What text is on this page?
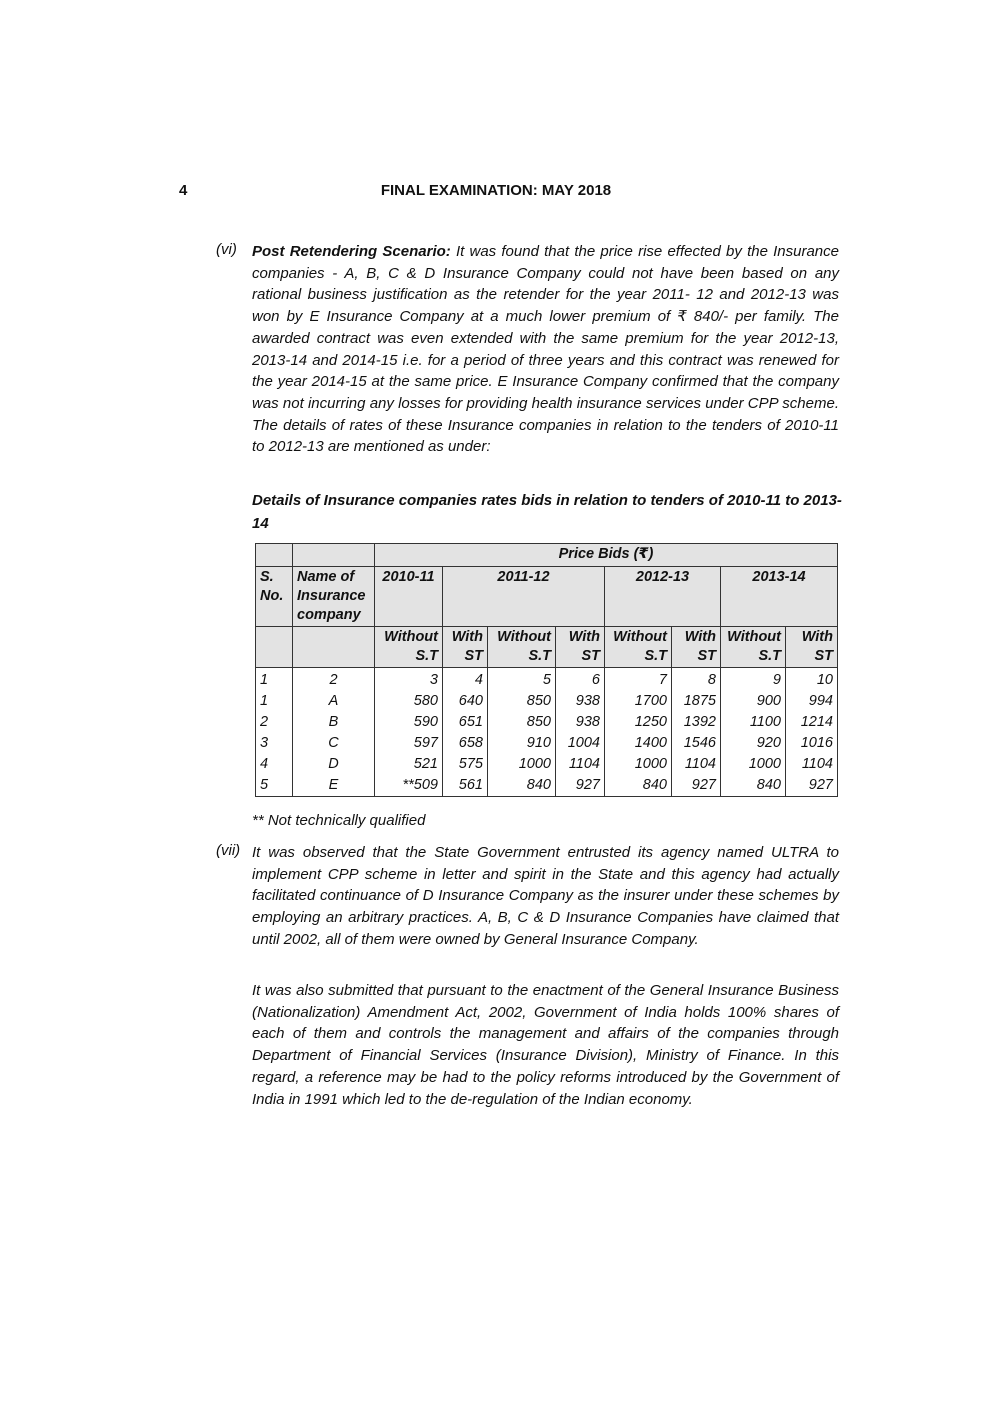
4	FINAL EXAMINATION: MAY 2018
(vi) Post Retendering Scenario: It was found that the price rise effected by the Insurance companies - A, B, C & D Insurance Company could not have been based on any rational business justification as the retender for the year 2011- 12 and 2012-13 was won by E Insurance Company at a much lower premium of ₹ 840/- per family. The awarded contract was even extended with the same premium for the year 2012-13, 2013-14 and 2014-15 i.e. for a period of three years and this contract was renewed for the year 2014-15 at the same price. E Insurance Company confirmed that the company was not incurring any losses for providing health insurance services under CPP scheme. The details of rates of these Insurance companies in relation to the tenders of 2010-11 to 2012-13 are mentioned as under:

Details of Insurance companies rates bids in relation to tenders of 2010-11 to 2013-14

		Price Bids (₹)							
S. No.	Name of Insurance company	2010-11	2011-12			2012-13		2013-14	
		Without S.T	With ST	Without S.T	With ST	Without S.T	With ST	Without S.T	With ST
1	2	3	4	5	6	7	8	9	10
1	A	580	640	850	938	1700	1875	900	994
2	B	590	651	850	938	1250	1392	1100	1214
3	C	597	658	910	1004	1400	1546	920	1016
4	D	521	575	1000	1104	1000	1104	1000	1104
5	E	**509	561	840	927	840	927	840	927
** Not technically qualified
(vii) It was observed that the State Government entrusted its agency named ULTRA to implement CPP scheme in letter and spirit in the State and this agency had actually facilitated continuance of D Insurance Company as the insurer under these schemes by employing an arbitrary practices. A, B, C & D Insurance Companies have claimed that until 2002, all of them were owned by General Insurance Company.

It was also submitted that pursuant to the enactment of the General Insurance Business (Nationalization) Amendment Act, 2002, Government of India holds 100% shares of each of them and controls the management and affairs of the companies through Department of Financial Services (Insurance Division), Ministry of Finance. In this regard, a reference may be had to the policy reforms introduced by the Government of India in 1991 which led to the de-regulation of the Indian economy.
